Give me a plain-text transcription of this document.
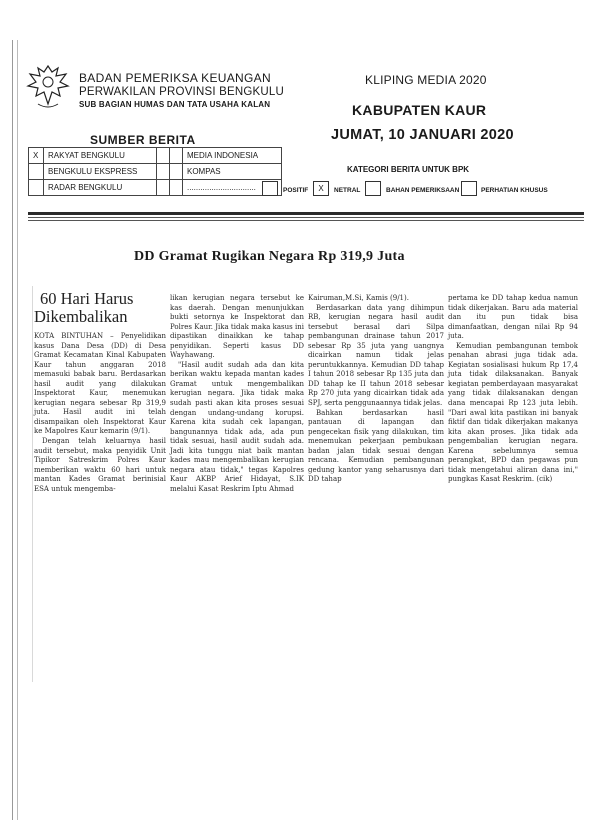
BADAN PEMERIKSA KEUANGAN
PERWAKILAN PROVINSI BENGKULU
SUB BAGIAN HUMAS DAN TATA USAHA KALAN
KLIPING MEDIA 2020
KABUPATEN KAUR
JUMAT, 10 JANUARI 2020
SUMBER BERITA
X	RAKYAT BENGKULU			MEDIA INDONESIA
	BENGKULU EKSPRESS			KOMPAS
	RADAR BENGKULU			...............................
KATEGORI BERITA UNTUK BPK
POSITIF	X	NETRAL	BAHAN PEMERIKSAAN	PERHATIAN KHUSUS
DD Gramat Rugikan Negara Rp 319,9 Juta
60 Hari Harus
Dikembalikan

KOTA BINTUHAN – Penyelidikan kasus Dana Desa (DD) di Desa Gramat Kecamatan Kinal Kabupaten Kaur tahun anggaran 2018 memasuki babak baru. Berdasarkan hasil audit yang dilakukan Inspektorat Kaur, menemukan kerugian negara sebesar Rp 319,9 juta. Hasil audit ini telah disampaikan oleh Inspektorat Kaur ke Mapolres Kaur kemarin (9/1).

Dengan telah keluarnya hasil audit tersebut, maka penyidik Unit Tipikor Satreskrim Polres Kaur memberikan waktu 60 hari untuk mantan Kades Gramat berinisial ESA untuk mengemba-

likan kerugian negara tersebut ke kas daerah. Dengan menunjukkan bukti setornya ke Inspektorat dan Polres Kaur. Jika tidak maka kasus ini dipastikan dinaikkan ke tahap penyidikan. Seperti kasus DD Wayhawang.

"Hasil audit sudah ada dan kita berikan waktu kepada mantan kades Gramat untuk mengembalikan kerugian negara. Jika tidak maka sudah pasti akan kita proses sesuai dengan undang-undang korupsi. Karena kita sudah cek lapangan, bangunannya tidak ada, ada pun tidak sesuai, hasil audit sudah ada. Jadi kita tunggu niat baik mantan kades mau mengembalikan kerugian negara atau tidak," tegas Kapolres Kaur AKBP Arief Hidayat, S.IK melalui Kasat Reskrim Iptu Ahmad

Kairuman,M.Si, Kamis (9/1).

Berdasarkan data yang dihimpun RB, kerugian negara hasil audit tersebut berasal dari Silpa pembangunan drainase tahun 2017 sebesar Rp 35 juta yang uangnya dicairkan namun tidak jelas peruntukkannya. Kemudian DD tahap I tahun 2018 sebesar Rp 135 juta dan DD tahap ke II tahun 2018 sebesar Rp 270 juta yang dicairkan tidak ada SPJ, serta penggunaannya tidak jelas.

Bahkan berdasarkan hasil pantauan di lapangan dan pengecekan fisik yang dilakukan, tim menemukan pekerjaan pembukaan badan jalan tidak sesuai dengan rencana. Kemudian pembangunan gedung kantor yang seharusnya dari DD tahap

pertama ke DD tahap kedua namun tidak dikerjakan. Baru ada material dan itu pun tidak bisa dimanfaatkan, dengan nilai Rp 94 juta.

Kemudian pembangunan tembok penahan abrasi juga tidak ada. Kegiatan sosialisasi hukum Rp 17,4 juta tidak dilaksanakan. Banyak kegiatan pemberdayaan masyarakat yang tidak dilaksanakan dengan dana mencapai Rp 123 juta lebih. "Dari awal kita pastikan ini banyak fiktif dan tidak dikerjakan makanya kita akan proses. Jika tidak ada pengembalian kerugian negara. Karena sebelumnya semua perangkat, BPD dan pegawas pun tidak mengetahui aliran dana ini," pungkas Kasat Reskrim. (cik)
